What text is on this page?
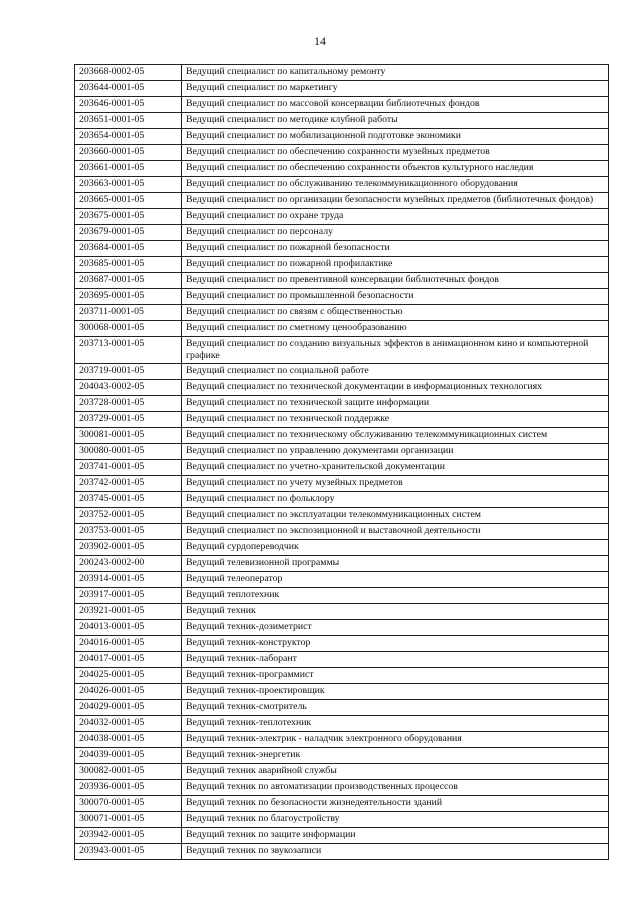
14
203668-0002-05	Ведущий специалист по капитальному ремонту
203644-0001-05	Ведущий специалист по маркетингу
203646-0001-05	Ведущий специалист по массовой консервации библиотечных фондов
203651-0001-05	Ведущий специалист по методике клубной работы
203654-0001-05	Ведущий специалист по мобилизационной подготовке экономики
203660-0001-05	Ведущий специалист по обеспечению сохранности музейных предметов
203661-0001-05	Ведущий специалист по обеспечению сохранности объектов культурного наследия
203663-0001-05	Ведущий специалист по обслуживанию телекоммуникационного оборудования
203665-0001-05	Ведущий специалист по организации безопасности музейных предметов (библиотечных фондов)
203675-0001-05	Ведущий специалист по охране труда
203679-0001-05	Ведущий специалист по персоналу
203684-0001-05	Ведущий специалист по пожарной безопасности
203685-0001-05	Ведущий специалист по пожарной профилактике
203687-0001-05	Ведущий специалист по превентивной консервации библиотечных фондов
203695-0001-05	Ведущий специалист по промышленной безопасности
203711-0001-05	Ведущий специалист по связям с общественностью
300068-0001-05	Ведущий специалист по сметному ценообразованию
203713-0001-05	Ведущий специалист по созданию визуальных эффектов в анимационном кино и компьютерной графике
203719-0001-05	Ведущий специалист по социальной работе
204043-0002-05	Ведущий специалист по технической документации в информационных технологиях
203728-0001-05	Ведущий специалист по технической защите информации
203729-0001-05	Ведущий специалист по технической поддержке
300081-0001-05	Ведущий специалист по техническому обслуживанию телекоммуникационных систем
300080-0001-05	Ведущий специалист по управлению документами организации
203741-0001-05	Ведущий специалист по учетно-хранительской документации
203742-0001-05	Ведущий специалист по учету музейных предметов
203745-0001-05	Ведущий специалист по фольклору
203752-0001-05	Ведущий специалист по эксплуатации телекоммуникационных систем
203753-0001-05	Ведущий специалист по экспозиционной и выставочной деятельности
203902-0001-05	Ведущий сурдопереводчик
200243-0002-00	Ведущий телевизионной программы
203914-0001-05	Ведущий телеоператор
203917-0001-05	Ведущий теплотехник
203921-0001-05	Ведущий техник
204013-0001-05	Ведущий техник-дозиметрист
204016-0001-05	Ведущий техник-конструктор
204017-0001-05	Ведущий техник-лаборант
204025-0001-05	Ведущий техник-программист
204026-0001-05	Ведущий техник-проектировщик
204029-0001-05	Ведущий техник-смотритель
204032-0001-05	Ведущий техник-теплотехник
204038-0001-05	Ведущий техник-электрик - наладчик электронного оборудования
204039-0001-05	Ведущий техник-энергетик
300082-0001-05	Ведущий техник аварийной службы
203936-0001-05	Ведущий техник по автоматизации производственных процессов
300070-0001-05	Ведущий техник по безопасности жизнедеятельности зданий
300071-0001-05	Ведущий техник по благоустройству
203942-0001-05	Ведущий техник по защите информации
203943-0001-05	Ведущий техник по звукозаписи
